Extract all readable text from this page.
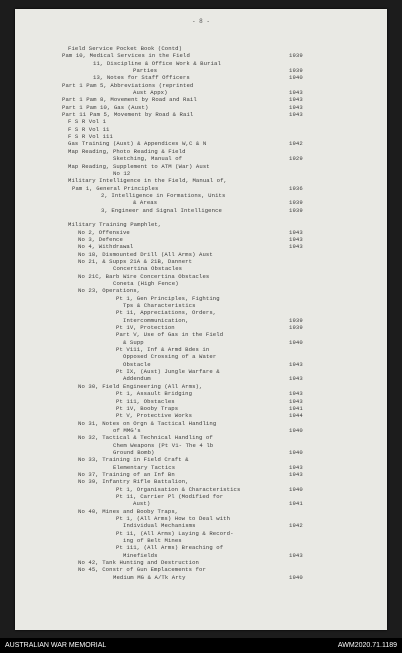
- 8 -
Field Service Pocket Book (Contd)
Pam 10, Medical Services in the Field	1939
11, Discipline & Office Work & Burial
Parties	1939
13, Notes for Staff Officers	1940
Part 1 Pam 5, Abbreviations (reprinted
Aust Appx)	1943
Part 1 Pam 8, Movement by Road and Rail	1943
Part 1 Pam 10, Gas (Aust)	1943
Part 11 Pam 5, Movement by Road & Rail	1943
F S R Vol 1
F S R Vol 11
F S R Vol 111
Gas Training (Aust) & Appendices W,C & N	1942
Map Reading, Photo Reading & Field
Sketching, Manual of	1929
Map Reading, Supplement to ATM (War) Aust
No 12
Military Intelligence in the Field, Manual of,
Pam 1, General Principles	1936
2, Intelligence in Formations, Units
& Areas	1939
3, Engineer and Signal Intelligence	1939
Military Training Pamphlet,
No 2, Offensive	1943
No 3, Defence	1943
No 4, Withdrawal	1943
No 18, Dismounted Drill (All Arms) Aust
No 21, & Supps 21A & 21B, Dannert
Concertina Obstacles
No 21C, Barb Wire Concertina Obstacles
Coneta (High Fence)
No 23, Operations,
Pt 1, Gen Principles, Fighting
Tps & Characteristics
Pt 11, Appreciations, Orders,
Intercommunication,	1939
Pt 1V, Protection	1939
Part V, Use of Gas in the Field
& Supp	1940
Pt V111, Inf & Armd Bdes in
Opposed Crossing of a Water
Obstacle	1943
Pt IX, (Aust) Jungle Warfare &
Addendum	1943
No 30, Field Engineering (All Arms),
Pt 1, Assault Bridging	1943
Pt 111, Obstacles	1943
Pt 1V, Booby Traps	1941
Pt V, Protective Works	1944
No 31, Notes on Orgn & Tactical Handling
of MMG's	1940
No 32, Tactical & Technical Handling of
Chem Weapons (Pt V1- The 4 lb
Ground Bomb)	1940
No 33, Training in Field Craft &
Elementary Tactics	1943
No 37, Training of an Inf Bn	1943
No 39, Infantry Rifle Battalion,
Pt 1, Organisation & Characteristics	1940
Pt 11, Carrier Pl (Modified for
Aust)	1941
No 40, Mines and Booby Traps,
Pt 1, (All Arms) How to Deal with
Individual Mechanisms	1942
Pt 11, (All Arms) Laying & Record-
ing of Belt Mines
Pt 111, (All Arms) Breaching of
Minefields	1943
No 42, Tank Hunting and Destruction
No 45, Constr of Gun Emplacements for
Medium MG & A/Tk Arty	1940
AUSTRALIAN WAR MEMORIAL	AWM2020.71.1189
